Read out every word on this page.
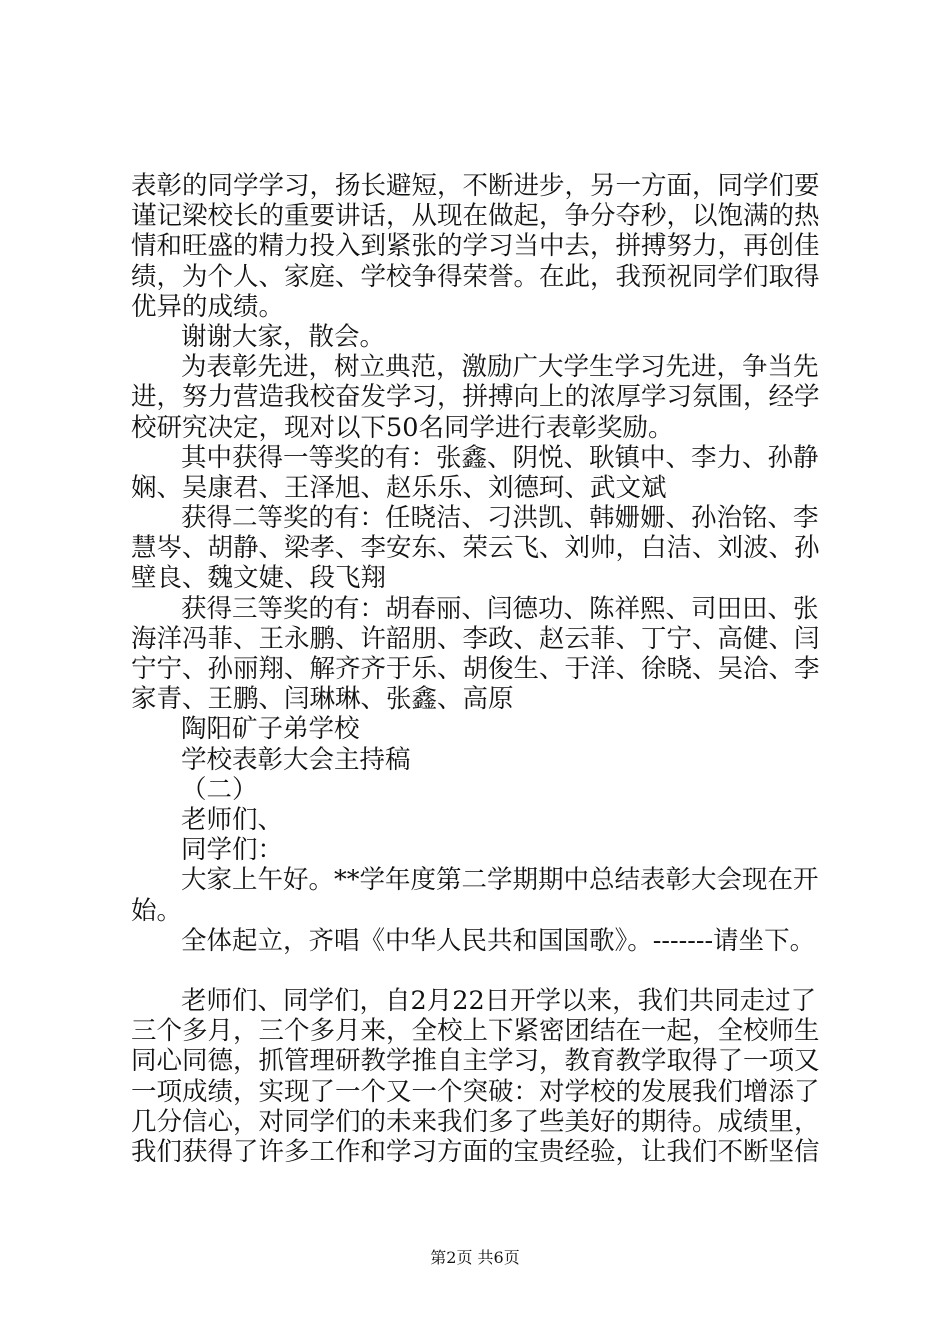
表彰的同学学习，扬长避短，不断进步，另一方面，同学们要
谨记梁校长的重要讲话，从现在做起，争分夺秒，以饱满的热
情和旺盛的精力投入到紧张的学习当中去，拼搏努力，再创佳
绩，为个人、家庭、学校争得荣誉。在此，我预祝同学们取得
优异的成绩。
谢谢大家，散会。
为表彰先进，树立典范，激励广大学生学习先进，争当先
进，努力营造我校奋发学习，拼搏向上的浓厚学习氛围，经学
校研究决定，现对以下50名同学进行表彰奖励。
其中获得一等奖的有：张鑫、阴悦、耿镇中、李力、孙静
娴、吴康君、王泽旭、赵乐乐、刘德珂、武文斌
获得二等奖的有：任晓洁、刁洪凯、韩姗姗、孙治铭、李
慧岑、胡静、梁孝、李安东、荣云飞、刘帅，白洁、刘波、孙
壁良、魏文婕、段飞翔
获得三等奖的有：胡春丽、闫德功、陈祥熙、司田田、张
海洋冯菲、王永鹏、许韶朋、李政、赵云菲、丁宁、高健、闫
宁宁、孙丽翔、解齐齐于乐、胡俊生、于洋、徐晓、吴洽、李
家青、王鹏、闫琳琳、张鑫、高原
陶阳矿子弟学校
学校表彰大会主持稿
（二）
老师们、
同学们：
大家上午好。**学年度第二学期期中总结表彰大会现在开
始。
全体起立，齐唱《中华人民共和国国歌》。-------请坐下。
老师们、同学们，自2月22日开学以来，我们共同走过了
三个多月，三个多月来，全校上下紧密团结在一起，全校师生
同心同德，抓管理研教学推自主学习，教育教学取得了一项又
一项成绩，实现了一个又一个突破：对学校的发展我们增添了
几分信心，对同学们的未来我们多了些美好的期待。成绩里，
我们获得了许多工作和学习方面的宝贵经验，让我们不断坚信
第2页 共6页
